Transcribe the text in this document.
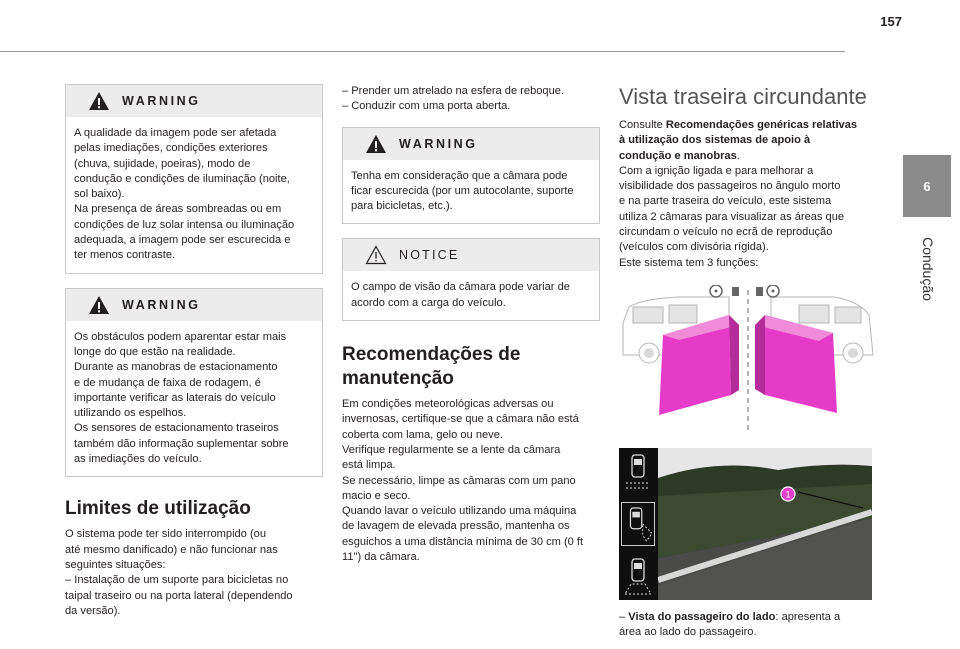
157
6
Condução
WARNING
A qualidade da imagem pode ser afetada
pelas imediações, condições exteriores
(chuva, sujidade, poeiras), modo de
condução e condições de iluminação (noite,
sol baixo).
Na presença de áreas sombreadas ou em
condições de luz solar intensa ou iluminação
adequada, a imagem pode ser escurecida e
ter menos contraste.
WARNING
Os obstáculos podem aparentar estar mais
longe do que estão na realidade.
Durante as manobras de estacionamento
e de mudança de faixa de rodagem, é
importante verificar as laterais do veículo
utilizando os espelhos.
Os sensores de estacionamento traseiros
também dão informação suplementar sobre
as imediações do veículo.
Limites de utilização

O sistema pode ter sido interrompido (ou

até mesmo danificado) e não funcionar nas

seguintes situações:

– Instalação de um suporte para bicicletas no

taipal traseiro ou na porta lateral (dependendo

da versão).

– Prender um atrelado na esfera de reboque.

– Conduzir com uma porta aberta.

WARNING
Tenha em consideração que a câmara pode
ficar escurecida (por um autocolante, suporte
para bicicletas, etc.).
NOTICE
O campo de visão da câmara pode variar de
acordo com a carga do veículo.
Recomendações de
manutenção

Em condições meteorológicas adversas ou

invernosas, certifique-se que a câmara não está

coberta com lama, gelo ou neve.

Verifique regularmente se a lente da câmara

está limpa.

Se necessário, limpe as câmaras com um pano

macio e seco.

Quando lavar o veículo utilizando uma máquina

de lavagem de elevada pressão, mantenha os

esguichos a uma distância mínima de 30 cm (0 ft

11") da câmara.

Vista traseira circundante

Consulte Recomendações genéricas relativas

à utilização dos sistemas de apoio à

condução e manobras.

Com a ignição ligada e para melhorar a

visibilidade dos passageiros no ângulo morto

e na parte traseira do veículo, este sistema

utiliza 2 câmaras para visualizar as áreas que

circundam o veículo no ecrã de reprodução

(veículos com divisória rígida).

Este sistema tem 3 funções:

1

– Vista do passageiro do lado: apresenta a

área ao lado do passageiro.
